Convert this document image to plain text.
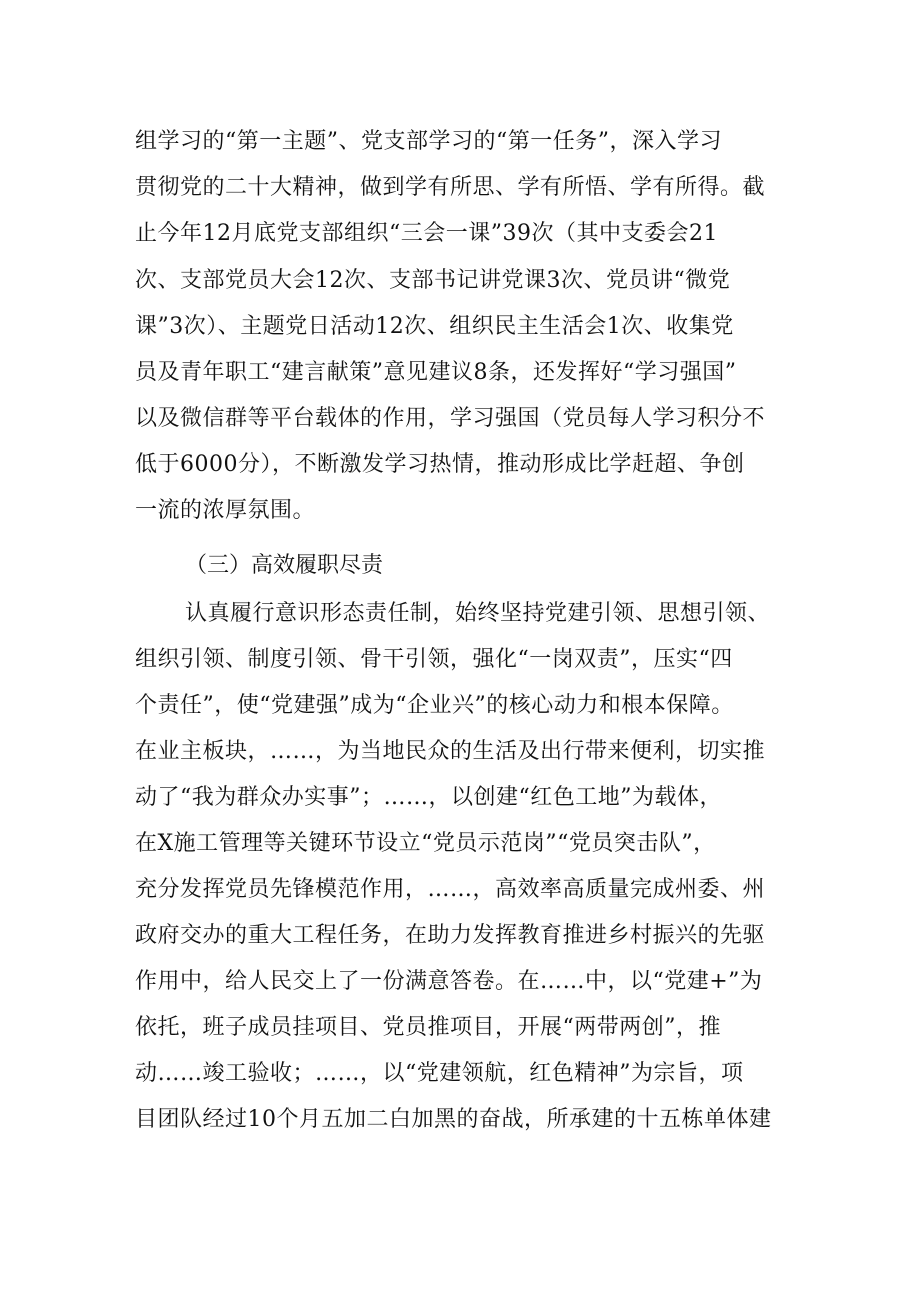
组学习的“第一主题”、党支部学习的“第一任务”，深入学习
贯彻党的二十大精神，做到学有所思、学有所悟、学有所得。截
止今年12月底党支部组织“三会一课”39次（其中支委会21
次、支部党员大会12次、支部书记讲党课3次、党员讲“微党
课”3次）、主题党日活动12次、组织民主生活会1次、收集党
员及青年职工“建言献策”意见建议8条，还发挥好“学习强国”
以及微信群等平台载体的作用，学习强国（党员每人学习积分不
低于6000分），不断激发学习热情，推动形成比学赶超、争创
一流的浓厚氛围。
（三）高效履职尽责
认真履行意识形态责任制，始终坚持党建引领、思想引领、
组织引领、制度引领、骨干引领，强化“一岗双责”，压实“四
个责任”，使“党建强”成为“企业兴”的核心动力和根本保障。
在业主板块，……，为当地民众的生活及出行带来便利，切实推
动了“我为群众办实事”；……，以创建“红色工地”为载体，
在X施工管理等关键环节设立“党员示范岗”“党员突击队”，
充分发挥党员先锋模范作用，……，高效率高质量完成州委、州
政府交办的重大工程任务，在助力发挥教育推进乡村振兴的先驱
作用中，给人民交上了一份满意答卷。在……中，以“党建+”为
依托，班子成员挂项目、党员推项目，开展“两带两创”，推
动……竣工验收；……，以“党建领航，红色精神”为宗旨，项
目团队经过10个月五加二白加黑的奋战，所承建的十五栋单体建
